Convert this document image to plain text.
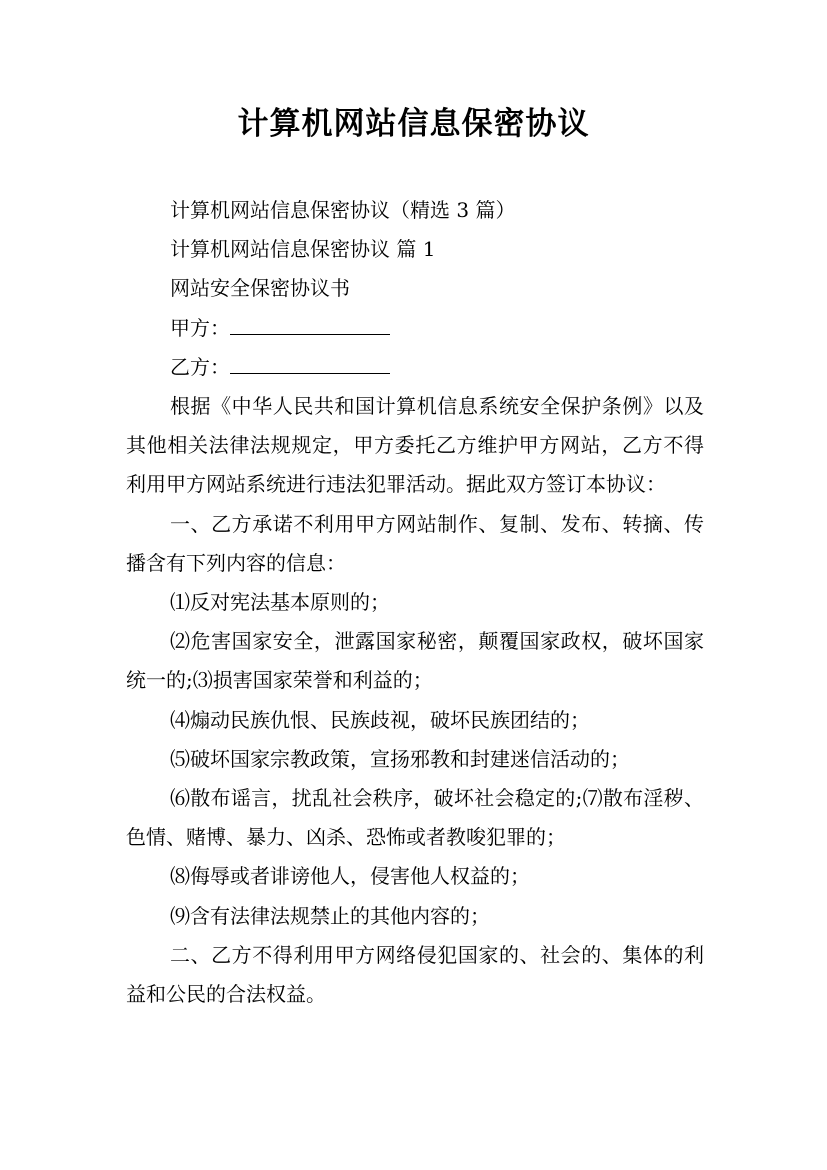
计算机网站信息保密协议

计算机网站信息保密协议（精选 3 篇）

计算机网站信息保密协议 篇 1

网站安全保密协议书

甲方：

乙方：

根据《中华人民共和国计算机信息系统安全保护条例》以及其他相关法律法规规定，甲方委托乙方维护甲方网站，乙方不得利用甲方网站系统进行违法犯罪活动。据此双方签订本协议：

一、乙方承诺不利用甲方网站制作、复制、发布、转摘、传播含有下列内容的信息：

⑴反对宪法基本原则的；

⑵危害国家安全，泄露国家秘密，颠覆国家政权，破坏国家统一的;⑶损害国家荣誉和利益的；

⑷煽动民族仇恨、民族歧视，破坏民族团结的；

⑸破坏国家宗教政策，宣扬邪教和封建迷信活动的；

⑹散布谣言，扰乱社会秩序，破坏社会稳定的;⑺散布淫秽、色情、赌博、暴力、凶杀、恐怖或者教唆犯罪的；

⑻侮辱或者诽谤他人，侵害他人权益的；

⑼含有法律法规禁止的其他内容的；

二、乙方不得利用甲方网络侵犯国家的、社会的、集体的利益和公民的合法权益。
